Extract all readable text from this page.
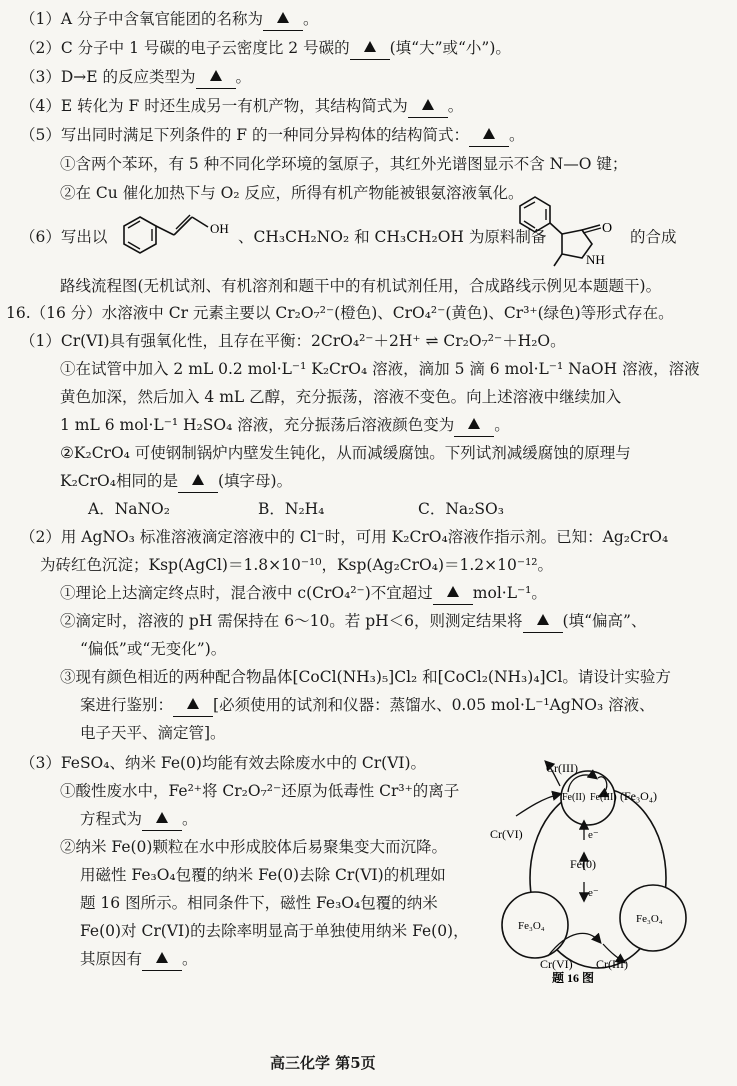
（1）A 分子中含氧官能团的名称为	。
（2）C 分子中 1 号碳的电子云密度比 2 号碳的	(填“大”或“小”)。
（3）D→E 的反应类型为	。
（4）E 转化为 F 时还生成另一有机产物，其结构简式为	。
（5）写出同时满足下列条件的 F 的一种同分异构体的结构简式：	。
①含两个苯环，有 5 种不同化学环境的氢原子，其红外光谱图显示不含 N—O 键；
②在 Cu 催化加热下与 O₂ 反应，所得有机产物能被银氨溶液氧化。
（6）写出以	OH 、CH₃CH₂NO₂ 和 CH₃CH₂OH 为原料制备	O
NH
的合成
路线流程图(无机试剂、有机溶剂和题干中的有机试剂任用，合成路线示例见本题题干)。
16.（16 分）水溶液中 Cr 元素主要以 Cr₂O₇²⁻(橙色)、CrO₄²⁻(黄色)、Cr³⁺(绿色)等形式存在。
（1）Cr(VI)具有强氧化性，且存在平衡：2CrO₄²⁻＋2H⁺ ⇌ Cr₂O₇²⁻＋H₂O。
①在试管中加入 2 mL 0.2 mol·L⁻¹ K₂CrO₄ 溶液，滴加 5 滴 6 mol·L⁻¹ NaOH 溶液，溶液
黄色加深，然后加入 4 mL 乙醇，充分振荡，溶液不变色。向上述溶液中继续加入
1 mL 6 mol·L⁻¹ H₂SO₄ 溶液，充分振荡后溶液颜色变为	。
②K₂CrO₄ 可使钢制锅炉内壁发生钝化，从而减缓腐蚀。下列试剂减缓腐蚀的原理与
K₂CrO₄相同的是	(填字母)。
A．NaNO₂	B．N₂H₄	C．Na₂SO₃
（2）用 AgNO₃ 标准溶液滴定溶液中的 Cl⁻时，可用 K₂CrO₄溶液作指示剂。已知：Ag₂CrO₄
为砖红色沉淀；Ksp(AgCl)＝1.8×10⁻¹⁰，Ksp(Ag₂CrO₄)＝1.2×10⁻¹²。
①理论上达滴定终点时，混合液中 c(CrO₄²⁻)不宜超过	mol·L⁻¹。
②滴定时，溶液的 pH 需保持在 6～10。若 pH＜6，则测定结果将	(填“偏高”、
“偏低”或“无变化”)。
③现有颜色相近的两种配合物晶体[CoCl(NH₃)₅]Cl₂ 和[CoCl₂(NH₃)₄]Cl。请设计实验方
案进行鉴别：	[必须使用的试剂和仪器：蒸馏水、0.05 mol·L⁻¹AgNO₃ 溶液、
电子天平、滴定管]。
（3）FeSO₄、纳米 Fe(0)均能有效去除废水中的 Cr(VI)。
①酸性废水中，Fe²⁺将 Cr₂O₇²⁻还原为低毒性 Cr³⁺的离子
方程式为	。
②纳米 Fe(0)颗粒在水中形成胶体后易聚集变大而沉降。
用磁性 Fe₃O₄包覆的纳米 Fe(0)去除 Cr(VI)的机理如
题 16 图所示。相同条件下，磁性 Fe₃O₄包覆的纳米
Fe(0)对 Cr(VI)的去除率明显高于单独使用纳米 Fe(0)，
其原因有	。
Cr(III)
Cr(VI)
Fe(II) Fe(III) (Fe₃O₄)
e⁻
Fe(0)
e⁻
Fe₃O₄
Fe₃O₄
Cr(VI) Cr(III)
题 16 图
高三化学 第5页
